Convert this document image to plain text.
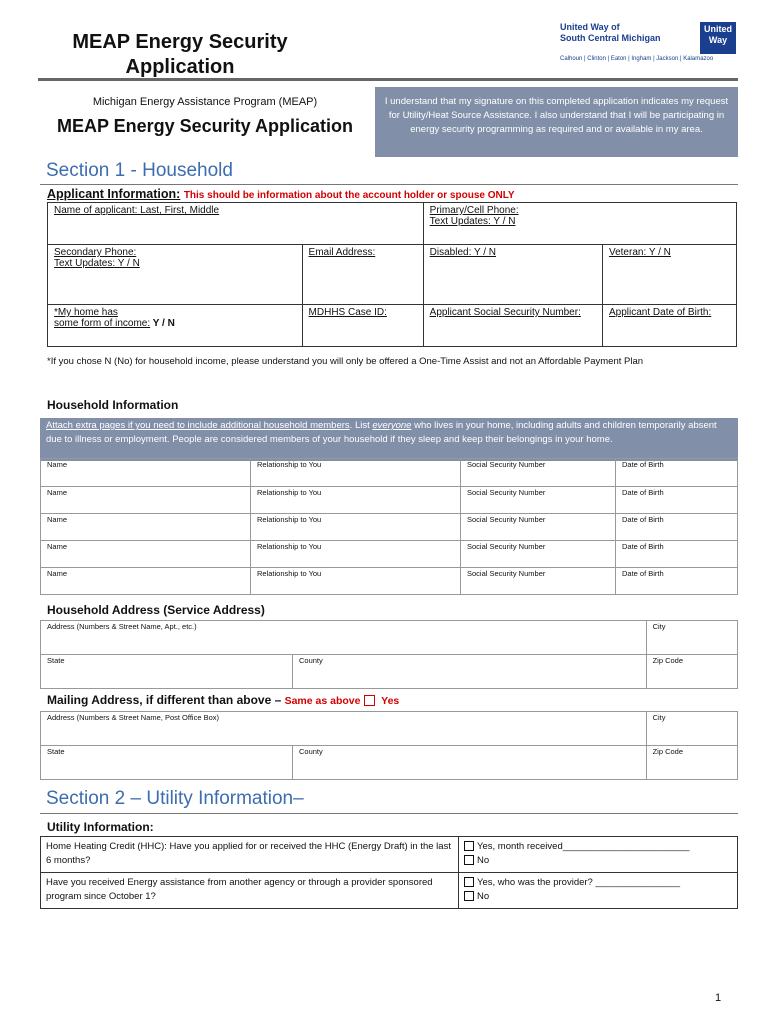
MEAP Energy Security
Application
United Way of
South Central Michigan
United
Way
Calhoun | Clinton | Eaton | Ingham | Jackson | Kalamazoo
Michigan Energy Assistance Program (MEAP)
MEAP Energy Security Application
I understand that my signature on this completed application indicates my request for Utility/Heat Source Assistance. I also understand that I will be participating in energy security programming as required and or available in my area.
Section 1 - Household
Applicant Information: This should be information about the account holder or spouse ONLY
Name of applicant: Last, First, Middle		Primary/Cell Phone:
Text Updates: Y / N	

Secondary Phone:
Text Updates: Y / N	Email Address:	Disabled: Y / N	Veteran: Y / N

*My home has
some form of income: Y / N	MDHHS Case ID:	Applicant Social Security Number:	Applicant Date of Birth:
*If you chose N (No) for household income, please understand you will only be offered a One-Time Assist and not an Affordable Payment Plan
Household Information
Attach extra pages if you need to include additional household members. List everyone who lives in your home, including adults and children temporarily absent due to illness or employment. People are considered members of your household if they sleep and keep their belongings in your home.
Name	Relationship to You	Social Security Number	Date of Birth
Name	Relationship to You	Social Security Number	Date of Birth
Name	Relationship to You	Social Security Number	Date of Birth
Name	Relationship to You	Social Security Number	Date of Birth
Name	Relationship to You	Social Security Number	Date of Birth
Household Address (Service Address)
Address (Numbers & Street Name, Apt., etc.)		City
State	County	Zip Code
Mailing Address, if different than above – Same as above Yes
Address (Numbers & Street Name, Post Office Box)		City
State	County	Zip Code
Section 2 – Utility Information–
Utility Information:
Home Heating Credit (HHC): Have you applied for or received the HHC (Energy Draft) in the last 6 months?	Yes, month received________________________
No

Have you received Energy assistance from another agency or through a provider sponsored program since October 1?	Yes, who was the provider? ________________
No
1
